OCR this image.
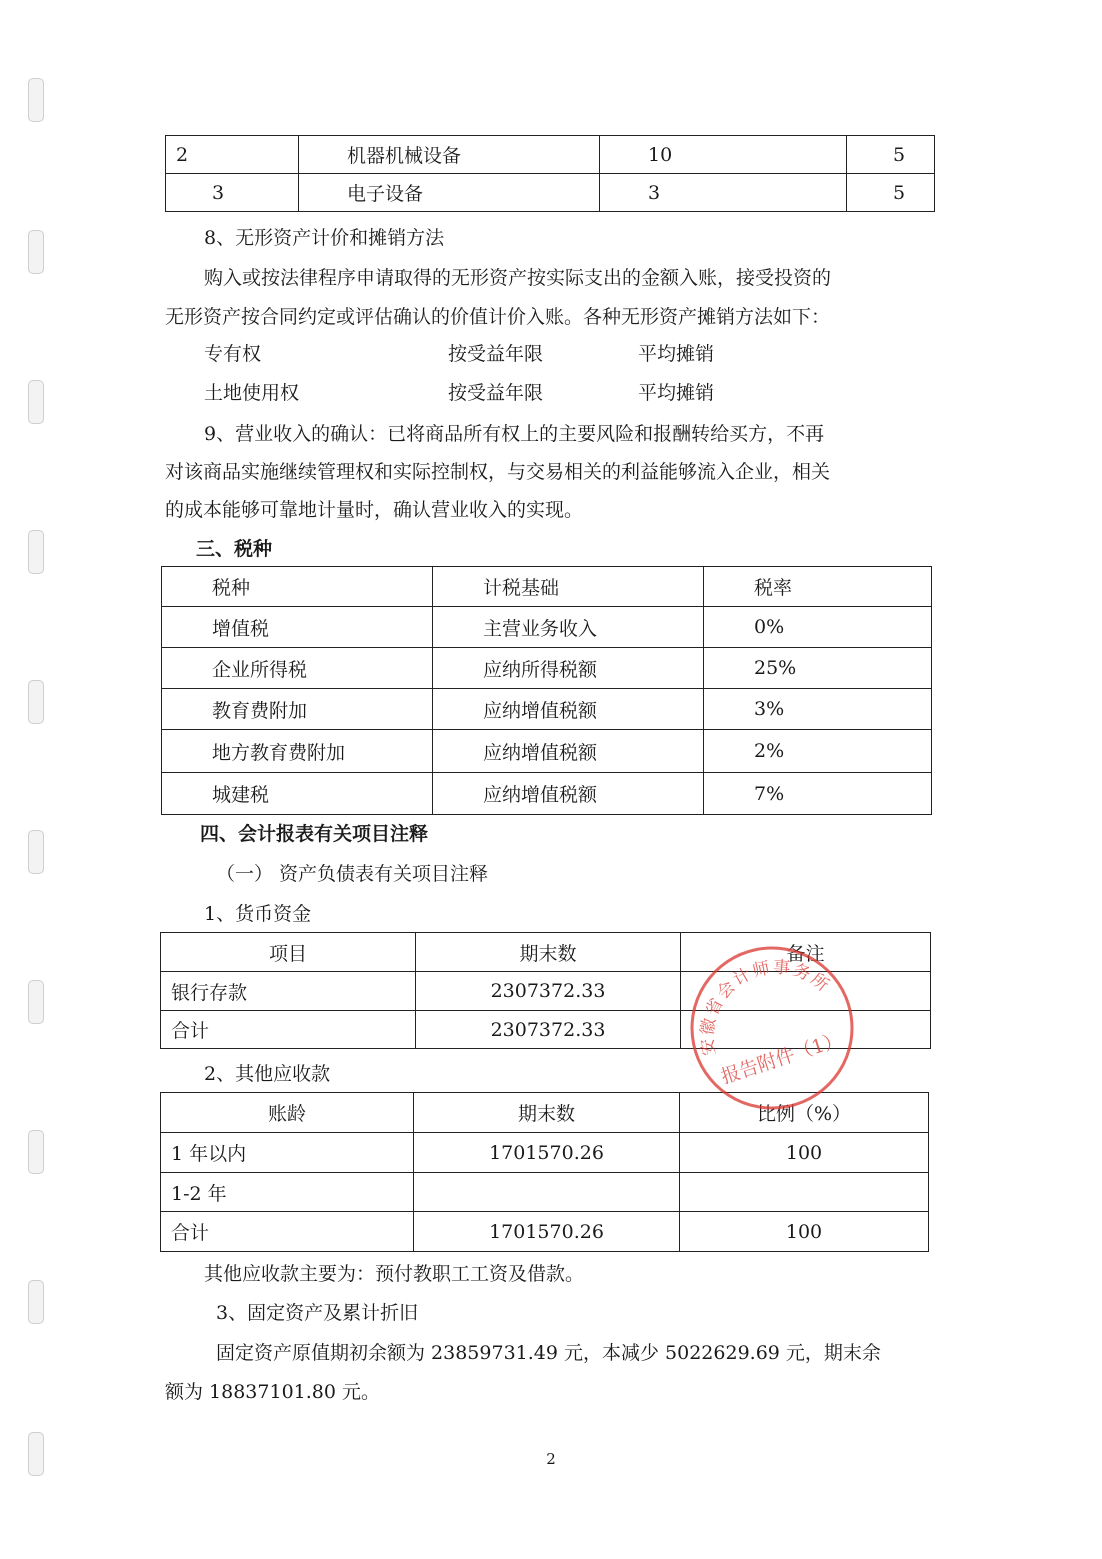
2	机器机械设备	10	5
3	电子设备	3	5
8、无形资产计价和摊销方法
购入或按法律程序申请取得的无形资产按实际支出的金额入账，接受投资的
无形资产按合同约定或评估确认的价值计价入账。各种无形资产摊销方法如下：
专有权	按受益年限	平均摊销
土地使用权	按受益年限	平均摊销
9、营业收入的确认：已将商品所有权上的主要风险和报酬转给买方，不再
对该商品实施继续管理权和实际控制权，与交易相关的利益能够流入企业，相关
的成本能够可靠地计量时，确认营业收入的实现。
三、税种
税种	计税基础	税率
增值税	主营业务收入	0%
企业所得税	应纳所得税额	25%
教育费附加	应纳增值税额	3%
地方教育费附加	应纳增值税额	2%
城建税	应纳增值税额	7%
四、会计报表有关项目注释
（一） 资产负债表有关项目注释
1、货币资金
项目	期末数	备注
银行存款	2307372.33	
合计	2307372.33	
2、其他应收款
账龄	期末数	比例（%）
1 年以内	1701570.26	100
1-2 年		
合计	1701570.26	100
其他应收款主要为：预付教职工工资及借款。
3、固定资产及累计折旧
固定资产原值期初余额为 23859731.49 元，本减少 5022629.69 元，期末余
额为 18837101.80 元。
安徽省会计师事务所
报告附件（1）
2
